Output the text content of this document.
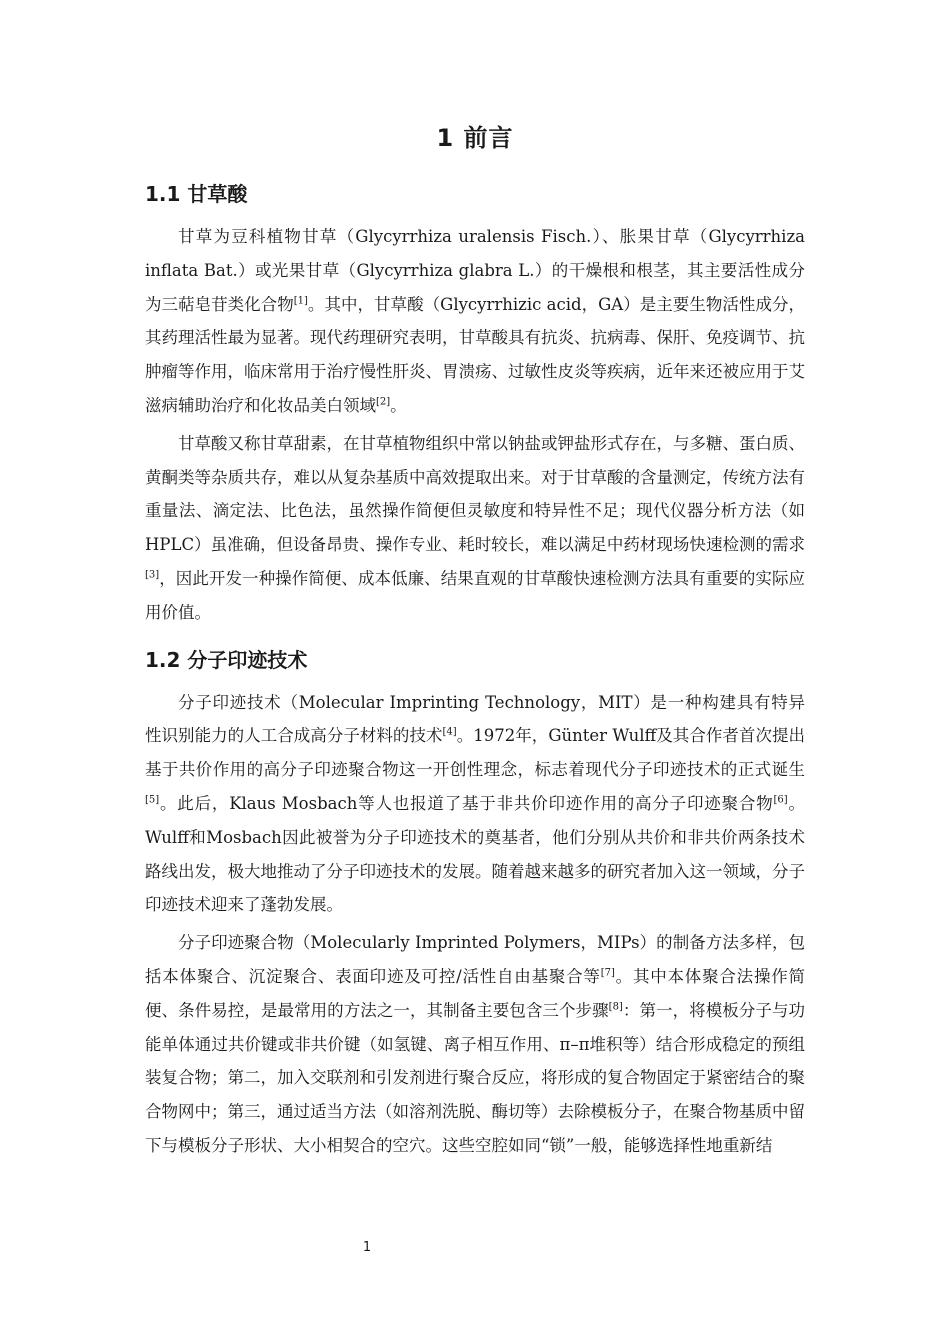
1 前言
1.1 甘草酸

甘草为豆科植物甘草（Glycyrrhiza uralensis Fisch.）、胀果甘草（Glycyrrhiza inflata Bat.）或光果甘草（Glycyrrhiza glabra L.）的干燥根和根茎，其主要活性成分为三萜皂苷类化合物[1]。其中，甘草酸（Glycyrrhizic acid，GA）是主要生物活性成分，其药理活性最为显著。现代药理研究表明，甘草酸具有抗炎、抗病毒、保肝、免疫调节、抗肿瘤等作用，临床常用于治疗慢性肝炎、胃溃疡、过敏性皮炎等疾病，近年来还被应用于艾滋病辅助治疗和化妆品美白领域[2]。

甘草酸又称甘草甜素，在甘草植物组织中常以钠盐或钾盐形式存在，与多糖、蛋白质、黄酮类等杂质共存，难以从复杂基质中高效提取出来。对于甘草酸的含量测定，传统方法有重量法、滴定法、比色法，虽然操作简便但灵敏度和特异性不足；现代仪器分析方法（如HPLC）虽准确，但设备昂贵、操作专业、耗时较长，难以满足中药材现场快速检测的需求[3]，因此开发一种操作简便、成本低廉、结果直观的甘草酸快速检测方法具有重要的实际应用价值。

1.2 分子印迹技术

分子印迹技术（Molecular Imprinting Technology，MIT）是一种构建具有特异性识别能力的人工合成高分子材料的技术[4]。1972年，Günter Wulff及其合作者首次提出基于共价作用的高分子印迹聚合物这一开创性理念，标志着现代分子印迹技术的正式诞生[5]。此后，Klaus Mosbach等人也报道了基于非共价印迹作用的高分子印迹聚合物[6]。Wulff和Mosbach因此被誉为分子印迹技术的奠基者，他们分别从共价和非共价两条技术路线出发，极大地推动了分子印迹技术的发展。随着越来越多的研究者加入这一领域，分子印迹技术迎来了蓬勃发展。

分子印迹聚合物（Molecularly Imprinted Polymers，MIPs）的制备方法多样，包括本体聚合、沉淀聚合、表面印迹及可控/活性自由基聚合等[7]。其中本体聚合法操作简便、条件易控，是最常用的方法之一，其制备主要包含三个步骤[8]：第一，将模板分子与功能单体通过共价键或非共价键（如氢键、离子相互作用、π–π堆积等）结合形成稳定的预组装复合物；第二，加入交联剂和引发剂进行聚合反应，将形成的复合物固定于紧密结合的聚合物网中；第三，通过适当方法（如溶剂洗脱、酶切等）去除模板分子，在聚合物基质中留下与模板分子形状、大小相契合的空穴。这些空腔如同“锁”一般，能够选择性地重新结

1
